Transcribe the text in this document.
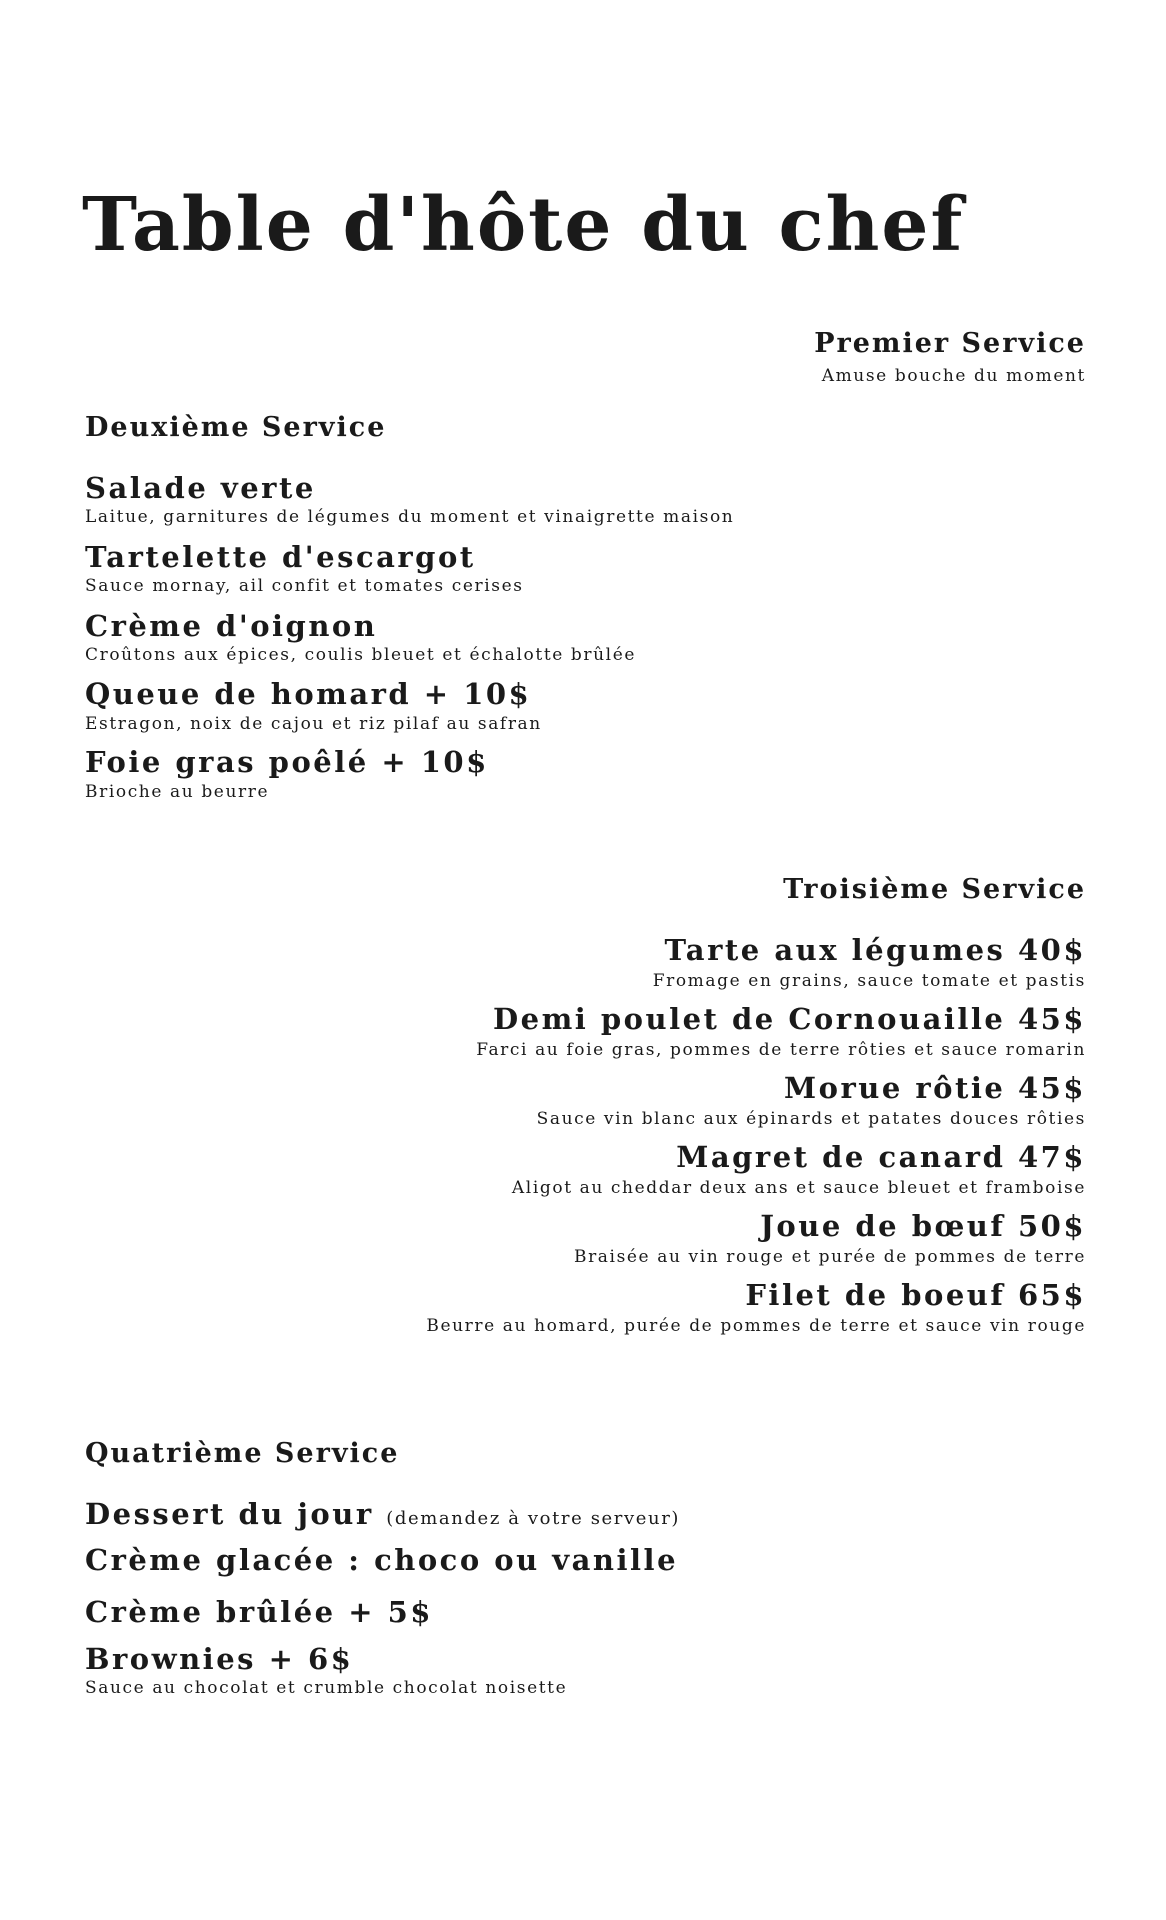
Table d'hôte du chef
Premier Service
Amuse bouche du moment
Deuxième Service
Salade verte
Laitue, garnitures de légumes du moment et vinaigrette maison
Tartelette d'escargot
Sauce mornay, ail confit et tomates cerises
Crème d'oignon
Croûtons aux épices, coulis bleuet et échalotte brûlée
Queue de homard + 10$
Estragon, noix de cajou et riz pilaf au safran
Foie gras poêlé + 10$
Brioche au beurre
Troisième Service
Tarte aux légumes 40$
Fromage en grains, sauce tomate et pastis
Demi poulet de Cornouaille 45$
Farci au foie gras, pommes de terre rôties et sauce romarin
Morue rôtie 45$
Sauce vin blanc aux épinards et patates douces rôties
Magret de canard 47$
Aligot au cheddar deux ans et sauce bleuet et framboise
Joue de bœuf 50$
Braisée au vin rouge et purée de pommes de terre
Filet de boeuf 65$
Beurre au homard, purée de pommes de terre et sauce vin rouge
Quatrième Service
Dessert du jour (demandez à votre serveur)
Crème glacée : choco ou vanille
Crème brûlée + 5$
Brownies + 6$
Sauce au chocolat et crumble chocolat noisette
